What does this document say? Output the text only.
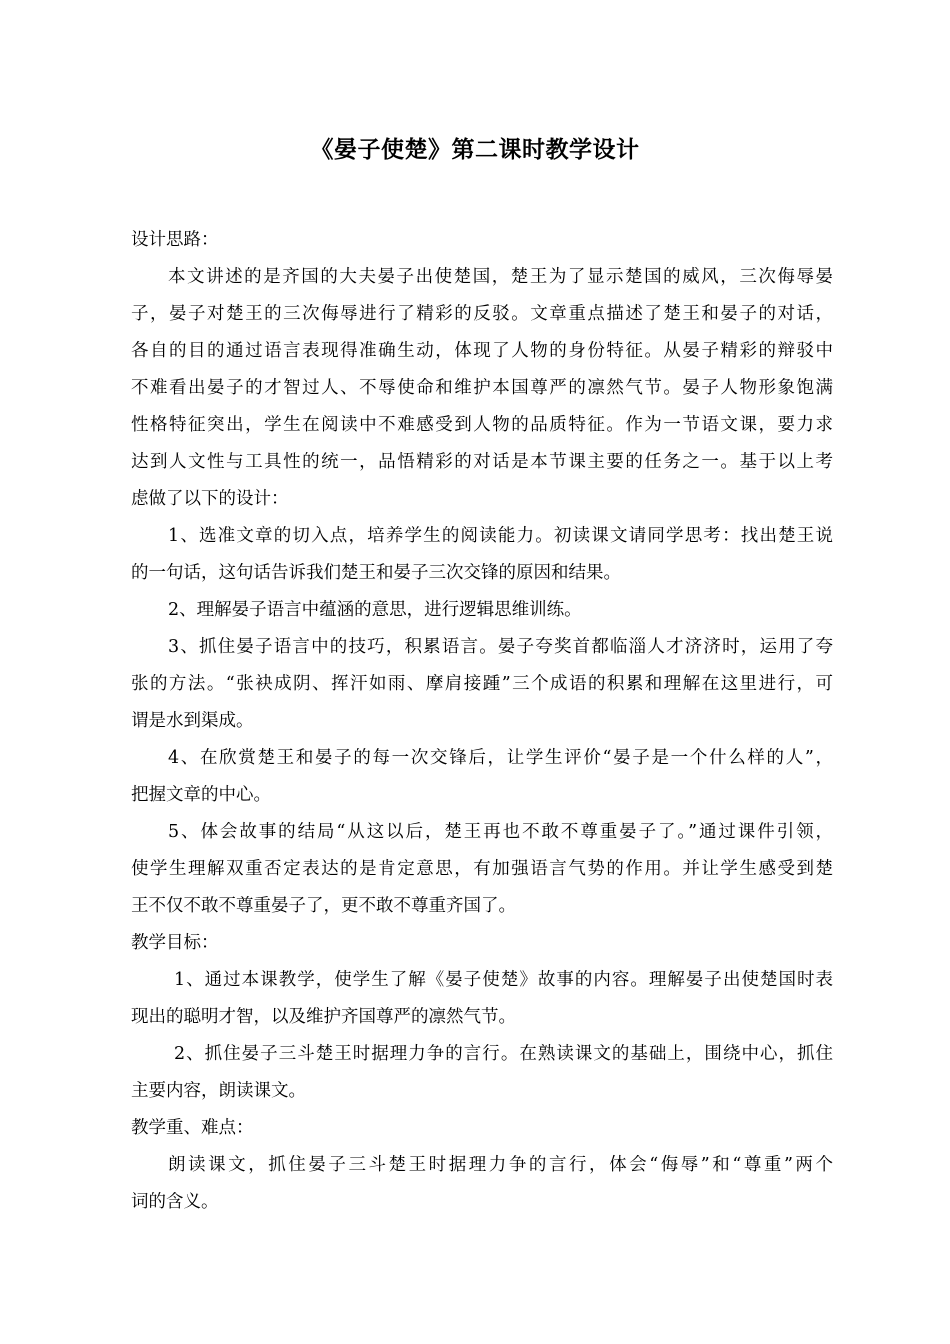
《晏子使楚》第二课时教学设计
设计思路：
本文讲述的是齐国的大夫晏子出使楚国，楚王为了显示楚国的威风，三次侮辱晏
子，晏子对楚王的三次侮辱进行了精彩的反驳。文章重点描述了楚王和晏子的对话，
各自的目的通过语言表现得准确生动，体现了人物的身份特征。从晏子精彩的辩驳中
不难看出晏子的才智过人、不辱使命和维护本国尊严的凛然气节。晏子人物形象饱满
性格特征突出，学生在阅读中不难感受到人物的品质特征。作为一节语文课，要力求
达到人文性与工具性的统一，品悟精彩的对话是本节课主要的任务之一。基于以上考
虑做了以下的设计：
1、选准文章的切入点，培养学生的阅读能力。初读课文请同学思考：找出楚王说
的一句话，这句话告诉我们楚王和晏子三次交锋的原因和结果。
2、理解晏子语言中蕴涵的意思，进行逻辑思维训练。
3、抓住晏子语言中的技巧，积累语言。晏子夸奖首都临淄人才济济时，运用了夸
张的方法。“张袂成阴、挥汗如雨、摩肩接踵”三个成语的积累和理解在这里进行，可
谓是水到渠成。
4、在欣赏楚王和晏子的每一次交锋后，让学生评价“晏子是一个什么样的人”，
把握文章的中心。
5、体会故事的结局“从这以后，楚王再也不敢不尊重晏子了。”通过课件引领，
使学生理解双重否定表达的是肯定意思，有加强语言气势的作用。并让学生感受到楚
王不仅不敢不尊重晏子了，更不敢不尊重齐国了。
教学目标：
1、通过本课教学，使学生了解《晏子使楚》故事的内容。理解晏子出使楚国时表
现出的聪明才智，以及维护齐国尊严的凛然气节。
2、抓住晏子三斗楚王时据理力争的言行。在熟读课文的基础上，围绕中心，抓住
主要内容，朗读课文。
教学重、难点：
朗读课文，抓住晏子三斗楚王时据理力争的言行，体会“侮辱”和“尊重”两个
词的含义。
